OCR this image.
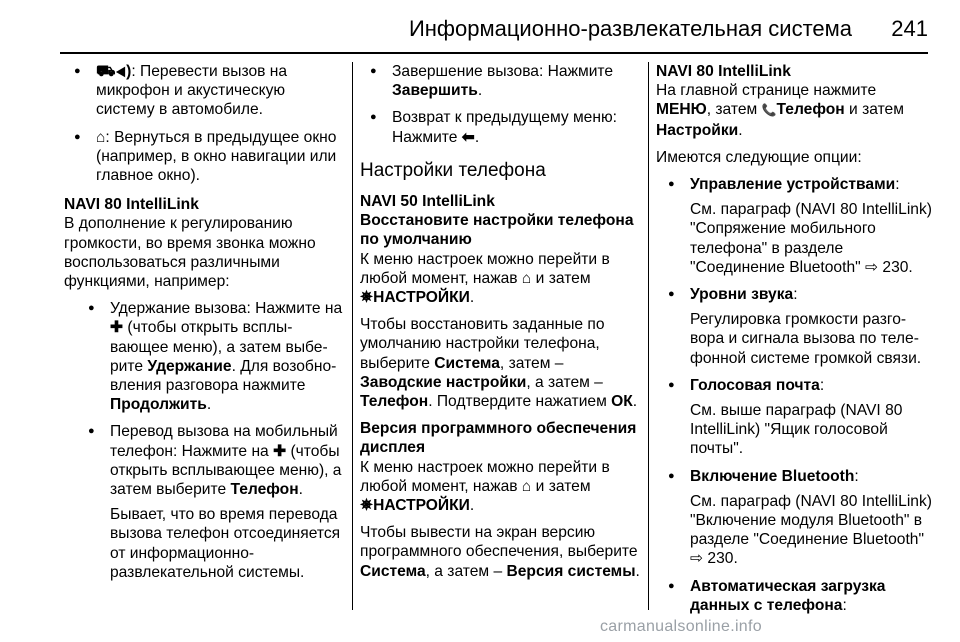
Информационно-развлекательная система 241
● ⛟◂): Перевести вызов на микрофон и акустическую систему в автомобиле.
● ⌂: Вернуться в предыдущее окно (например, в окно навигации или главное окно).
NAVI 80 IntelliLink

В дополнение к регулированию громкости, во время звонка можно воспользоваться различными функциями, например:

● Удержание вызова: Нажмите на ✚ (чтобы открыть всплывающее меню), а затем выберите Удержание. Для возобновления разговора нажмите Продолжить.
● Перевод вызова на мобильный телефон: Нажмите на ✚ (чтобы открыть всплывающее меню), а затем выберите Телефон.

Бывает, что во время перевода вызова телефон отсоединяется от информационно-развлекательной системы.

● Завершение вызова: Нажмите Завершить.
● Возврат к предыдущему меню: Нажмите ⬅.
Настройки телефона
NAVI 50 IntelliLink
Восстановите настройки телефона по умолчанию

К меню настроек можно перейти в любой момент, нажав ⌂ и затем
✵НАСТРОЙКИ.

Чтобы восстановить заданные по умолчанию настройки телефона, выберите Система, затем – Заводские настройки, а затем – Телефон. Подтвердите нажатием ОК.

Версия программного обеспечения дисплея

К меню настроек можно перейти в любой момент, нажав ⌂ и затем
✵НАСТРОЙКИ.

Чтобы вывести на экран версию программного обеспечения, выберите Система, а затем – Версия системы.

NAVI 80 IntelliLink

На главной странице нажмите МЕНЮ, затем 📞Телефон и затем Настройки.

Имеются следующие опции:

● Управление устройствами:

См. параграф (NAVI 80 IntelliLink) "Сопряжение мобильного телефона" в разделе "Соединение Bluetooth" ⇨ 230.

● Уровни звука:

Регулировка громкости разговора и сигнала вызова по телефонной системе громкой связи.

● Голосовая почта:

См. выше параграф (NAVI 80 IntelliLink) "Ящик голосовой почты".

● Включение Bluetooth:

См. параграф (NAVI 80 IntelliLink) "Включение модуля Bluetooth" в разделе "Соединение Bluetooth" ⇨ 230.

● Автоматическая загрузка данных с телефона:
carmanualsonline.info
